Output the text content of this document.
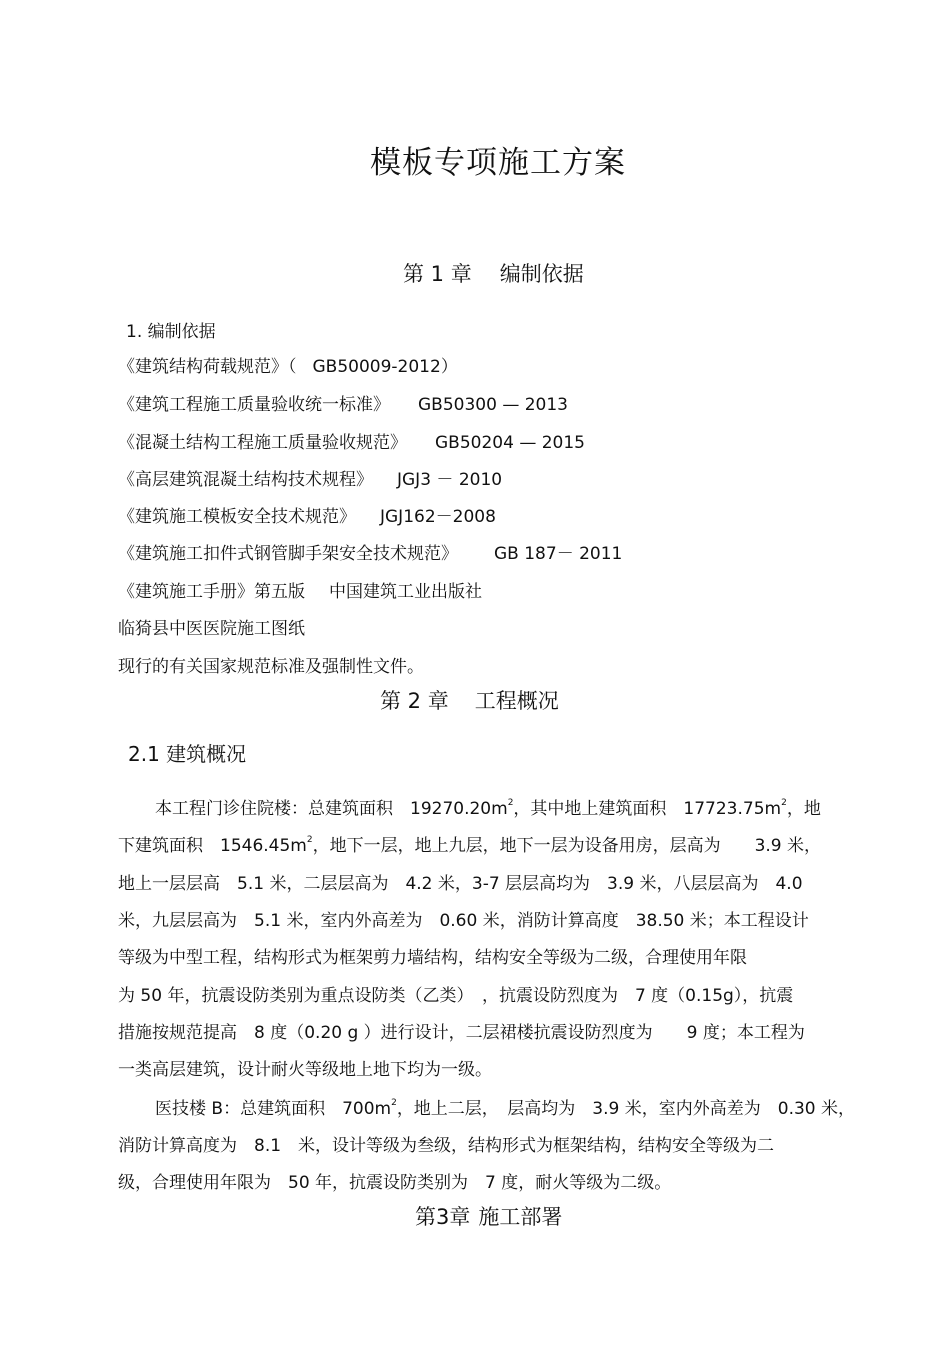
模板专项施工方案
第 1 章 编制依据
1. 编制依据
《建筑结构荷载规范》（ GB50009-2012）
《建筑工程施工质量验收统一标准》 GB50300 — 2013
《混凝土结构工程施工质量验收规范》 GB50204 — 2015
《高层建筑混凝土结构技术规程》 JGJ3 － 2010
《建筑施工模板安全技术规范》 JGJ162－2008
《建筑施工扣件式钢管脚手架安全技术规范》 GB 187－ 2011
《建筑施工手册》第五版 中国建筑工业出版社
临猗县中医医院施工图纸
现行的有关国家规范标准及强制性文件。
第 2 章 工程概况
2.1 建筑概况
本工程门诊住院楼：总建筑面积　$19270.20m^2$，其中地上建筑面积　$17723.75m^2$，地
下建筑面积　$1546.45m^2$，地下一层，地上九层，地下一层为设备用房，层高为　　3.9 米，
地上一层层高　5.1 米，二层层高为　4.2 米，3-7 层层高均为　3.9 米，八层层高为　4.0
米，九层层高为　5.1 米，室内外高差为　0.60 米，消防计算高度　38.50 米；本工程设计
等级为中型工程，结构形式为框架剪力墙结构，结构安全等级为二级，合理使用年限
为 50 年，抗震设防类别为重点设防类（乙类）　，抗震设防烈度为　7 度（0.15g），抗震
措施按规范提高　8 度（0.20 g ）进行设计，二层裙楼抗震设防烈度为　　9 度；本工程为
一类高层建筑，设计耐火等级地上地下均为一级。
医技楼 B：总建筑面积　$700m^2$，地上二层，　层高均为　3.9 米，室内外高差为　0.30 米，
消防计算高度为　8.1　米，设计等级为叁级，结构形式为框架结构，结构安全等级为二
级，合理使用年限为　50 年，抗震设防类别为　7 度，耐火等级为二级。
第3章 施工部署
